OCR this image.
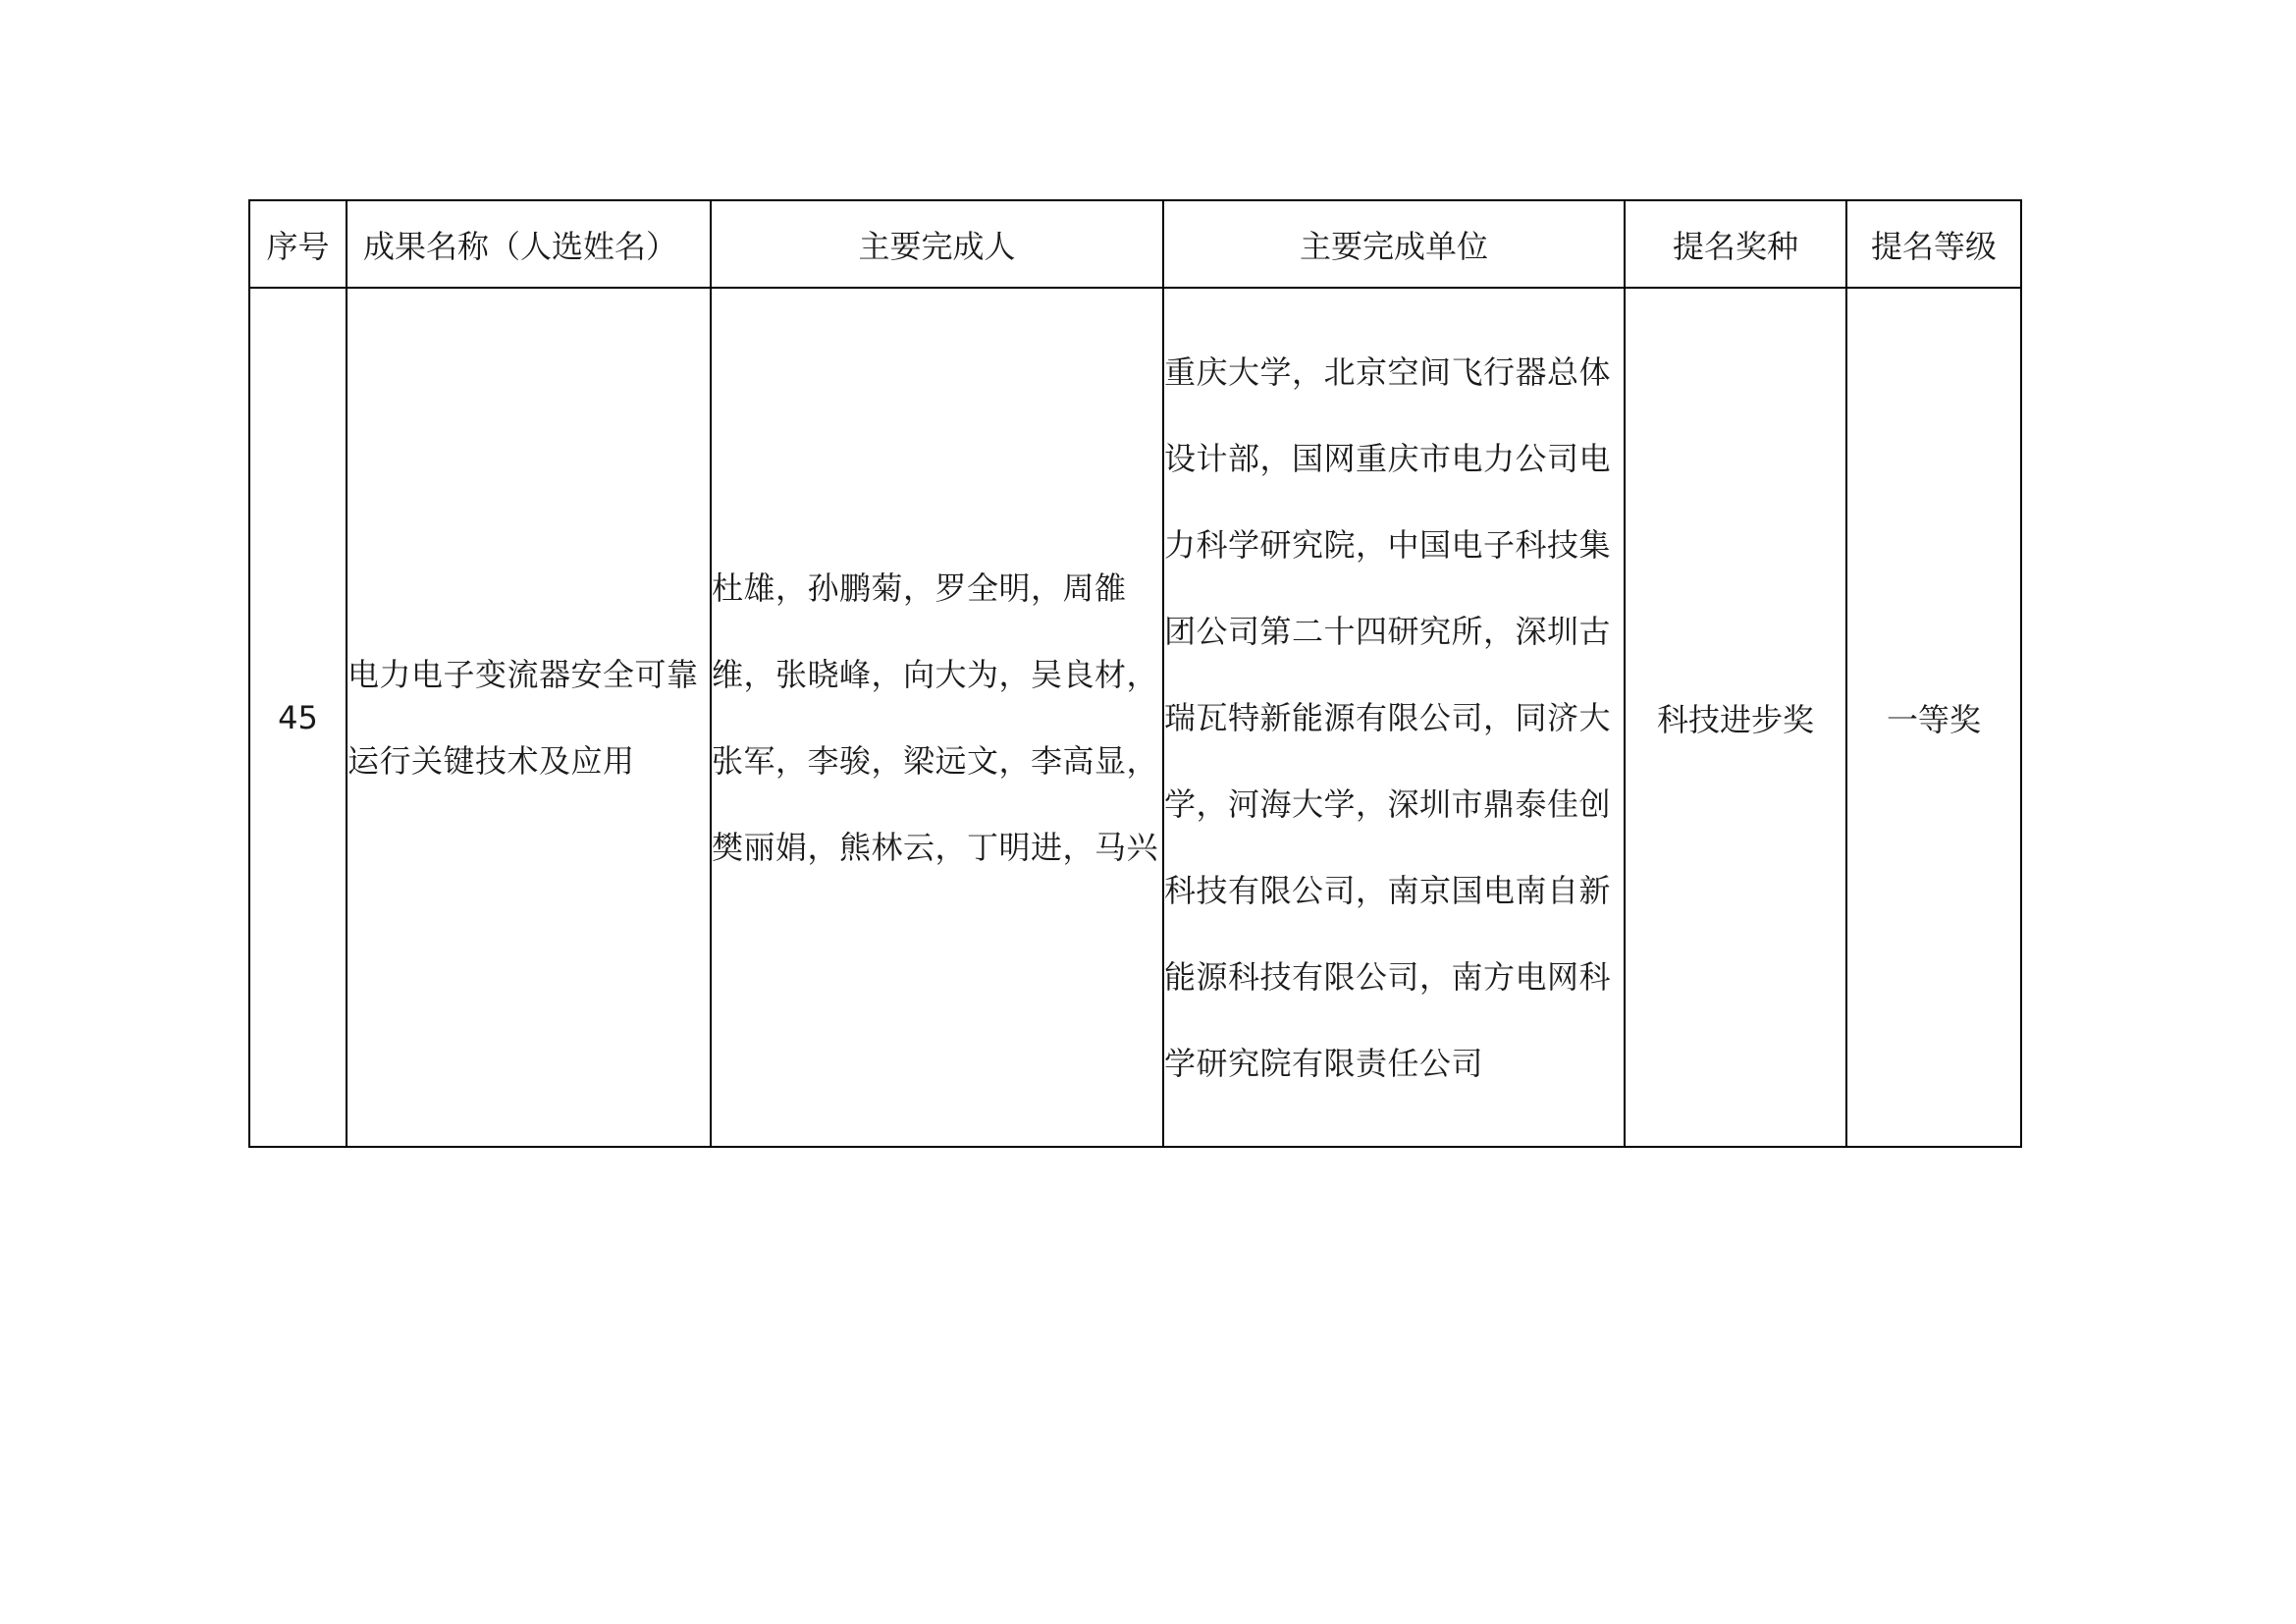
序号	成果名称（人选姓名）	主要完成人	主要完成单位	提名奖种	提名等级
45	电力电子变流器安全可靠运行关键技术及应用	杜雄，孙鹏菊，罗全明，周雒维，张晓峰，向大为，吴良材，张军，李骏，梁远文，李高显，樊丽娟，熊林云，丁明进，马兴	重庆大学，北京空间飞行器总体设计部，国网重庆市电力公司电力科学研究院，中国电子科技集团公司第二十四研究所，深圳古瑞瓦特新能源有限公司，同济大学，河海大学，深圳市鼎泰佳创科技有限公司，南京国电南自新能源科技有限公司，南方电网科学研究院有限责任公司	科技进步奖	一等奖
